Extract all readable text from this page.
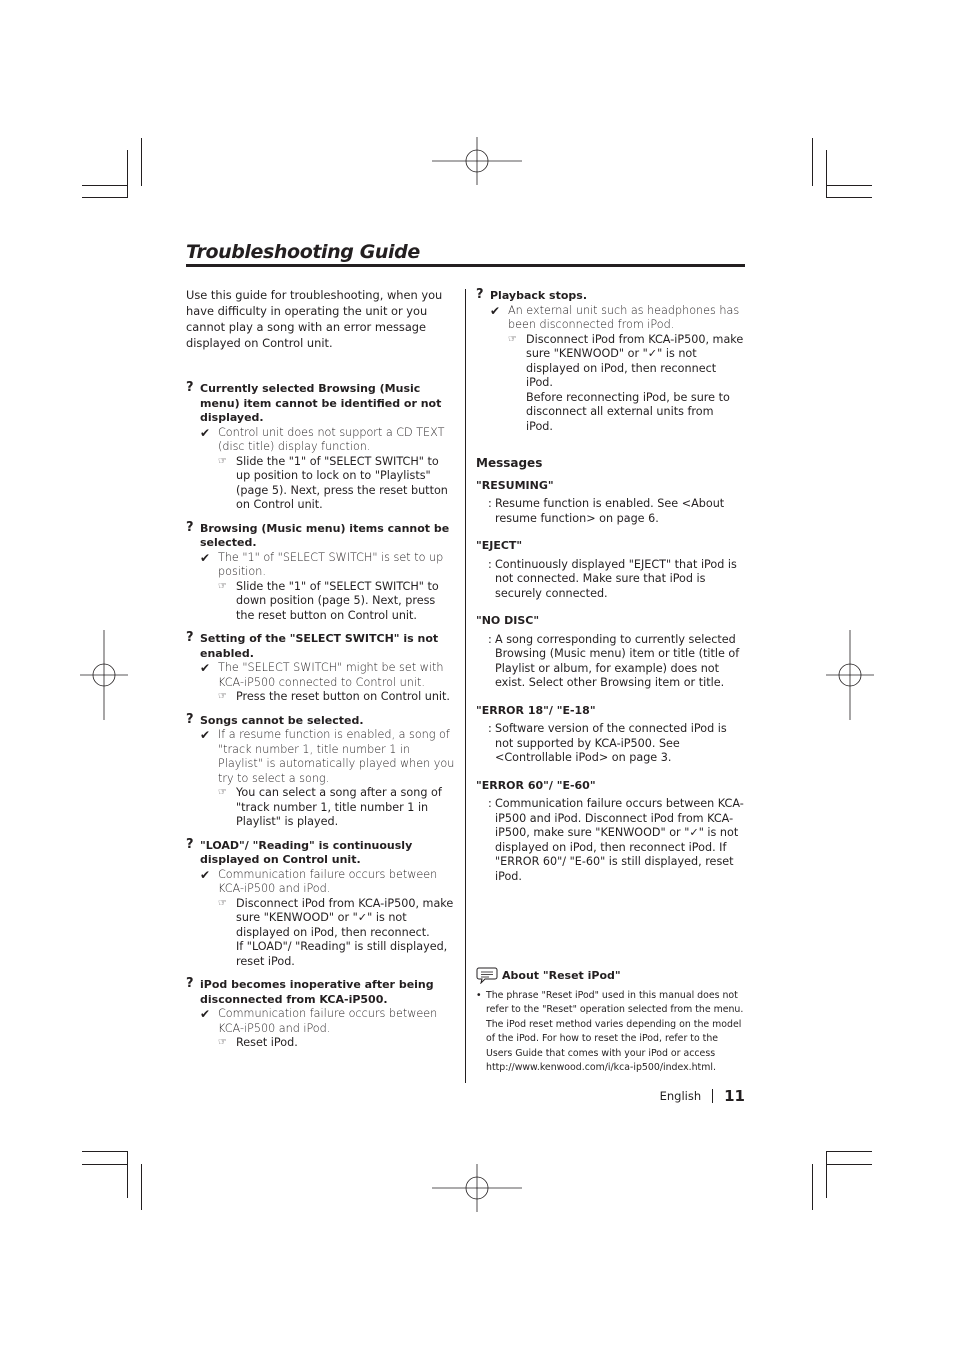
Troubleshooting Guide

Use this guide for troubleshooting, when you have difficulty in operating the unit or you cannot play a song with an error message displayed on Control unit.

? Currently selected Browsing (Music menu) item cannot be identified or not displayed.
✔ Control unit does not support a CD TEXT (disc title) display function.
☞ Slide the "1" of "SELECT SWITCH" to up position to lock on to "Playlists" (page 5). Next, press the reset button on Control unit.
? Browsing (Music menu) items cannot be selected.
✔ The "1" of "SELECT SWITCH" is set to up position.
☞ Slide the "1" of "SELECT SWITCH" to down position (page 5). Next, press the reset button on Control unit.
? Setting of the "SELECT SWITCH" is not enabled.
✔ The "SELECT SWITCH" might be set with KCA-iP500 connected to Control unit.
☞ Press the reset button on Control unit.
? Songs cannot be selected.
✔ If a resume function is enabled, a song of "track number 1, title number 1 in Playlist" is automatically played when you try to select a song.
☞ You can select a song after a song of "track number 1, title number 1 in Playlist" is played.
? "LOAD"/ "Reading" is continuously displayed on Control unit.
✔ Communication failure occurs between KCA-iP500 and iPod.
☞ Disconnect iPod from KCA-iP500, make sure "KENWOOD" or "✓" is not displayed on iPod, then reconnect.
If "LOAD"/ "Reading" is still displayed, reset iPod.
? iPod becomes inoperative after being disconnected from KCA-iP500.
✔ Communication failure occurs between KCA-iP500 and iPod.
☞ Reset iPod.
? Playback stops.
✔ An external unit such as headphones has been disconnected from iPod.
☞ Disconnect iPod from KCA-iP500, make sure "KENWOOD" or "✓" is not displayed on iPod, then reconnect iPod.
Before reconnecting iPod, be sure to disconnect all external units from iPod.
Messages
"RESUMING"
: Resume function is enabled. See <About resume function> on page 6.
"EJECT"
: Continuously displayed "EJECT" that iPod is not connected. Make sure that iPod is securely connected.
"NO DISC"
: A song corresponding to currently selected Browsing (Music menu) item or title (title of Playlist or album, for example) does not exist. Select other Browsing item or title.
"ERROR 18"/ "E-18"
: Software version of the connected iPod is not supported by KCA-iP500. See <Controllable iPod> on page 3.
"ERROR 60"/ "E-60"
: Communication failure occurs between KCA-iP500 and iPod. Disconnect iPod from KCA-iP500, make sure "KENWOOD" or "✓" is not displayed on iPod, then reconnect iPod. If "ERROR 60"/ "E-60" is still displayed, reset iPod.
About "Reset iPod"
• The phrase "Reset iPod" used in this manual does not refer to the "Reset" operation selected from the menu. The iPod reset method varies depending on the model of the iPod. For how to reset the iPod, refer to the Users Guide that comes with your iPod or access http://www.kenwood.com/i/kca-ip500/index.html.
English 11
